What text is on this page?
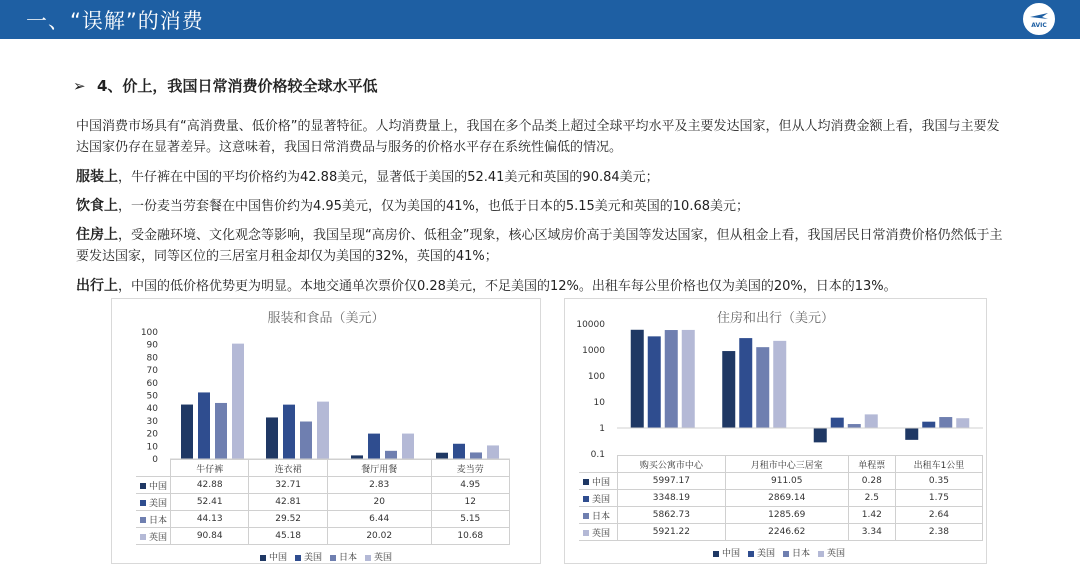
一、“误解”的消费	AVIC
➢ 4、价上，我国日常消费价格较全球水平低
中国消费市场具有“高消费量、低价格”的显著特征。人均消费量上，我国在多个品类上超过全球平均水平及主要发达国家，但从人均消费金额上看，我国与主要发达国家仍存在显著差异。这意味着，我国日常消费品与服务的价格水平存在系统性偏低的情况。
服装上，牛仔裤在中国的平均价格约为42.88美元，显著低于美国的52.41美元和英国的90.84美元；
饮食上，一份麦当劳套餐在中国售价约为4.95美元，仅为美国的41%，也低于日本的5.15美元和英国的10.68美元；
住房上，受金融环境、文化观念等影响，我国呈现“高房价、低租金”现象，核心区域房价高于美国等发达国家，但从租金上看，我国居民日常消费价格仍然低于主要发达国家，同等区位的三居室月租金却仅为美国的32%，英国的41%；
出行上，中国的低价格优势更为明显。本地交通单次票价仅0.28美元，不足美国的12%。出租车每公里价格也仅为美国的20%，日本的13%。
服装和食品（美元）
0
10
20
30
40
50
60
70
80
90
100
	牛仔裤	连衣裙	餐厅用餐	麦当劳
中国	42.88	32.71	2.83	4.95
美国	52.41	42.81	20	12
日本	44.13	29.52	6.44	5.15
英国	90.84	45.18	20.02	10.68
中国 美国 日本 英国
住房和出行（美元）
0.1
1
10
100
1000
10000
	购买公寓市中心	月租市中心三居室	单程票	出租车1公里
中国	5997.17	911.05	0.28	0.35
美国	3348.19	2869.14	2.5	1.75
日本	5862.73	1285.69	1.42	2.64
英国	5921.22	2246.62	3.34	2.38
中国 美国 日本 英国
